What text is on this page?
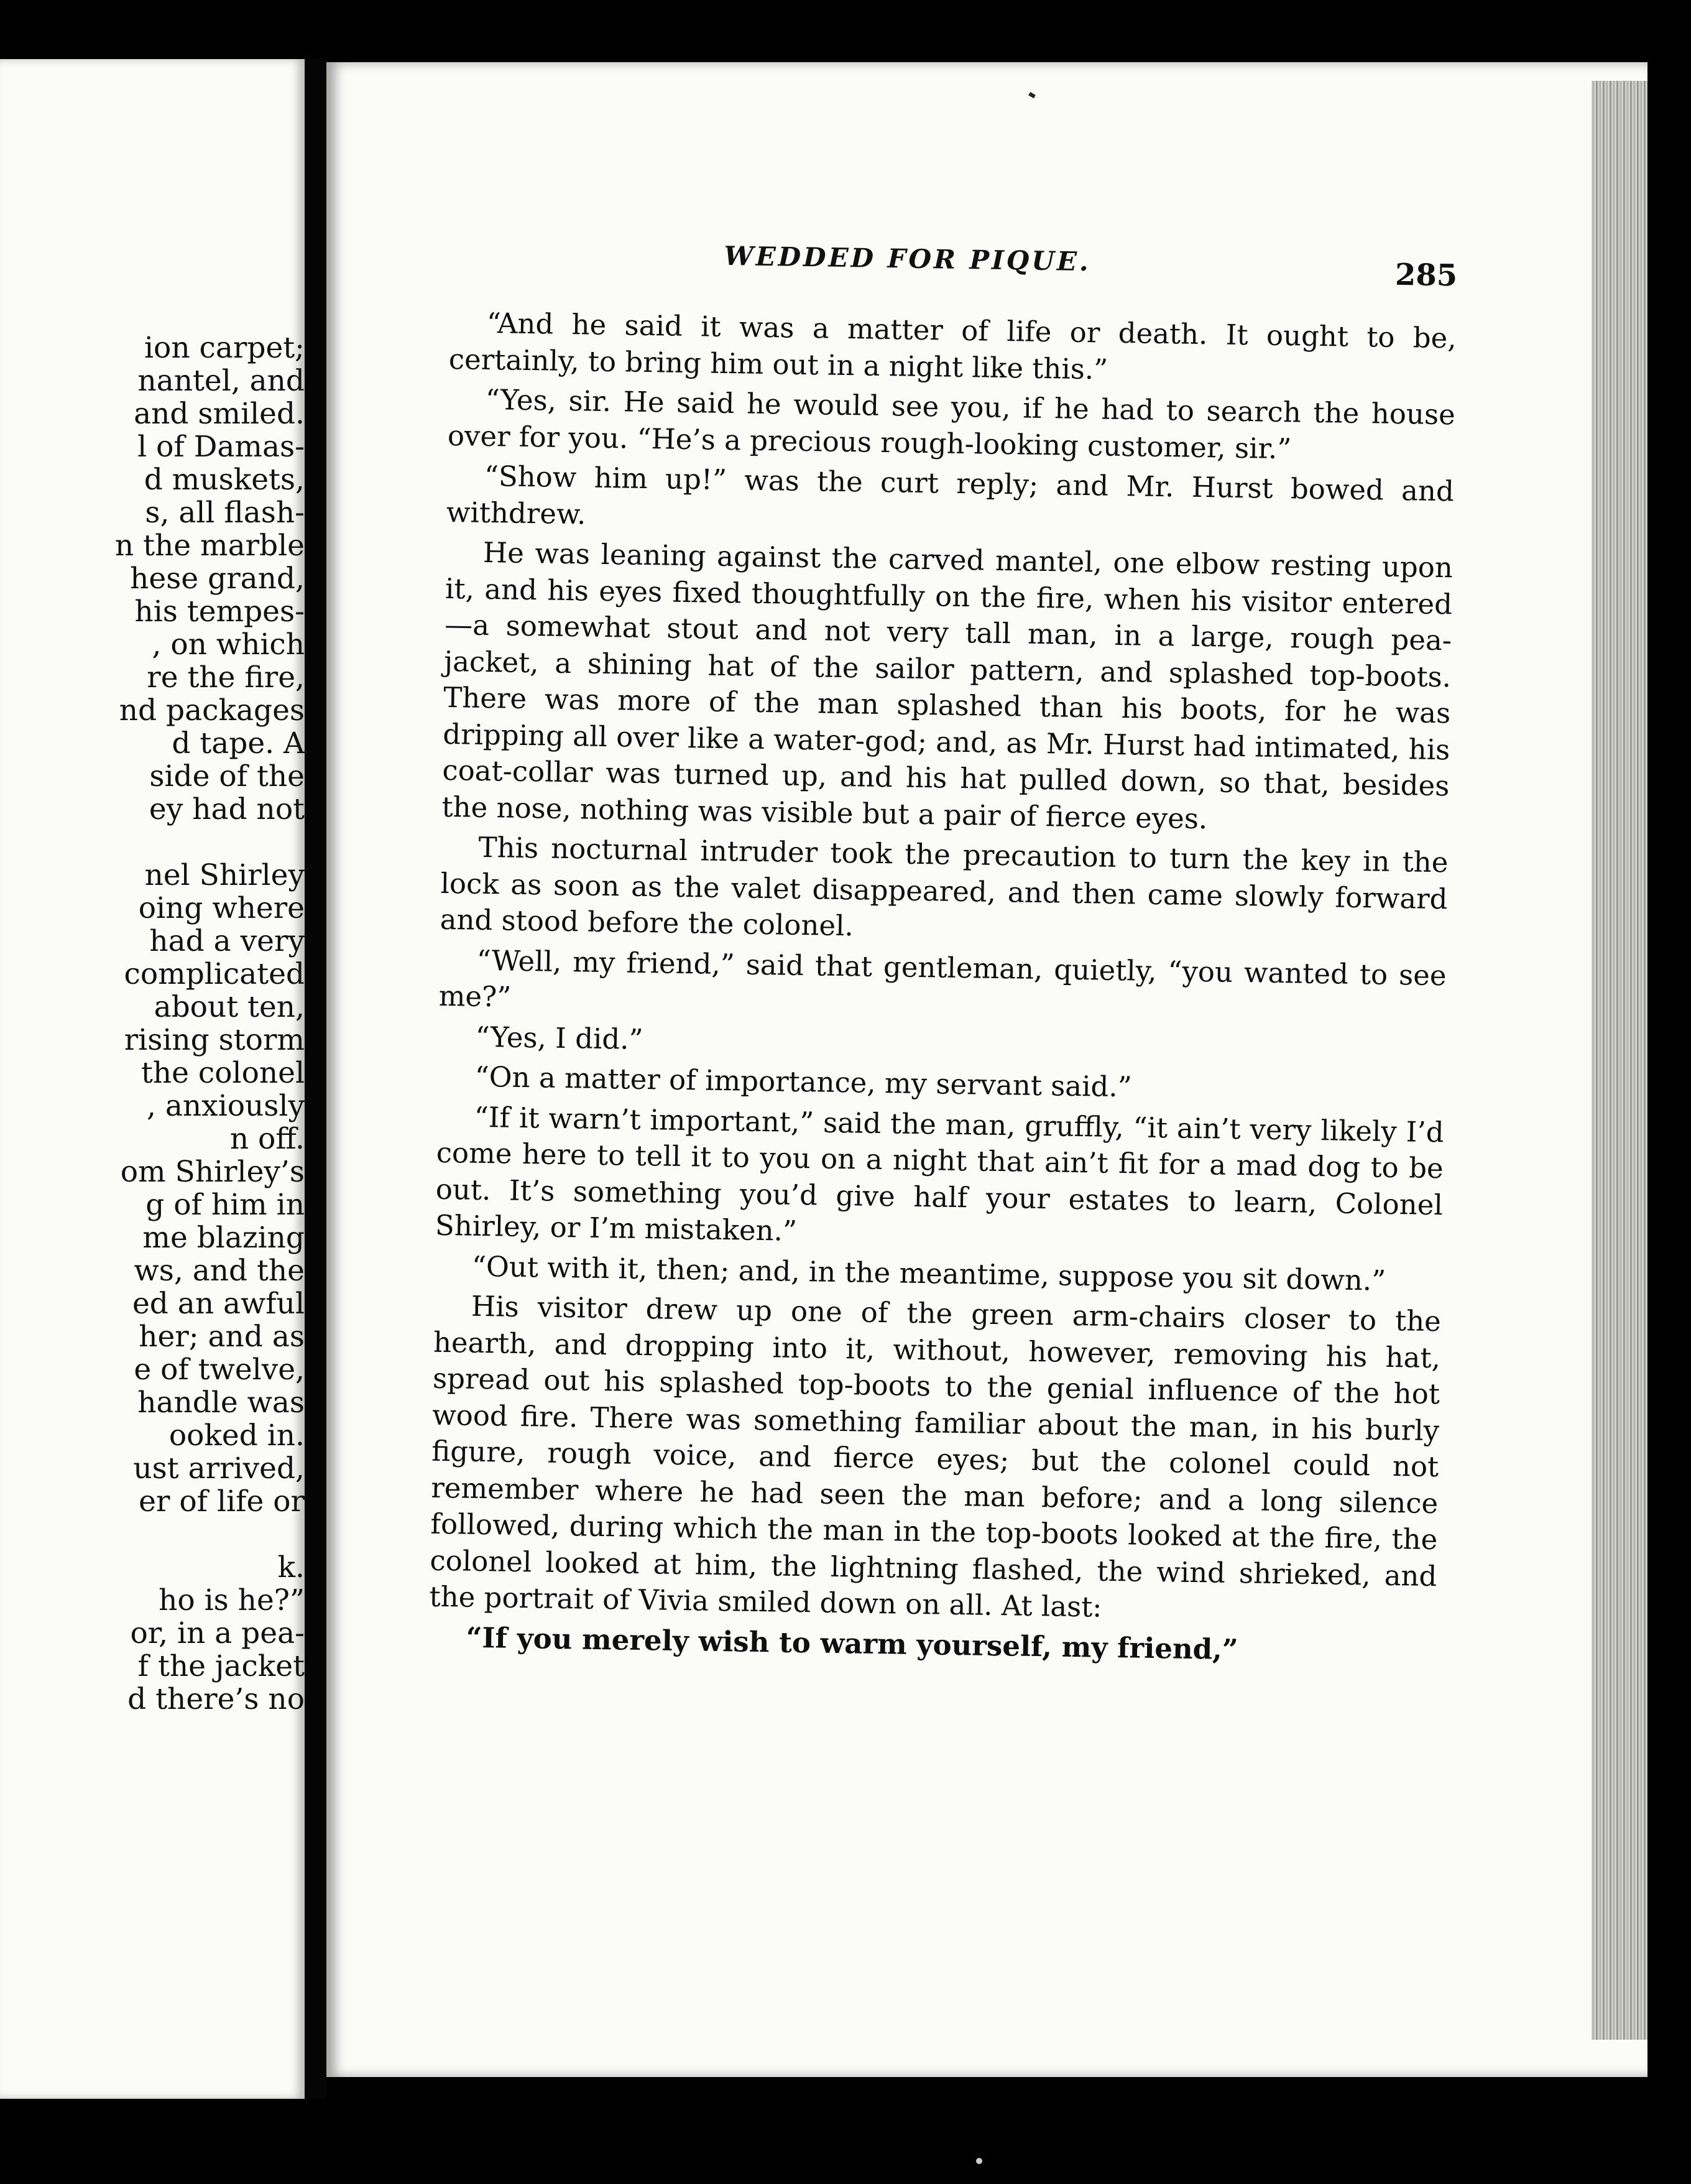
ion carpet;
nantel, and
and smiled.
l of Damas-
d muskets,
s, all flash-
n the marble
hese grand,
his tempes-
, on which
re the fire,
nd packages
d tape. A
side of the
ey had not
nel Shirley
oing where
had a very
complicated
about ten,
rising storm
the colonel
, anxiously
n off.
om Shirley’s
g of him in
me blazing
ws, and the
ed an awful
her; and as
e of twelve,
handle was
ooked in.
ust arrived,
er of life or
k.
ho is he?”
or, in a pea-
f the jacket
d there’s no
WEDDED FOR PIQUE.	285

“And he said it was a matter of life or death. It ought to be, certainly, to bring him out in a night like this.”

“Yes, sir. He said he would see you, if he had to search the house over for you. “He’s a precious rough-looking customer, sir.”

“Show him up!” was the curt reply; and Mr. Hurst bowed and withdrew.

He was leaning against the carved mantel, one elbow resting upon it, and his eyes fixed thoughtfully on the fire, when his visitor entered—a somewhat stout and not very tall man, in a large, rough pea-jacket, a shining hat of the sailor pattern, and splashed top-boots. There was more of the man splashed than his boots, for he was dripping all over like a water-god; and, as Mr. Hurst had intimated, his coat-collar was turned up, and his hat pulled down, so that, besides the nose, nothing was visible but a pair of fierce eyes.

This nocturnal intruder took the precaution to turn the key in the lock as soon as the valet disappeared, and then came slowly forward and stood before the colonel.

“Well, my friend,” said that gentleman, quietly, “you wanted to see me?”

“Yes, I did.”

“On a matter of importance, my servant said.”

“If it warn’t important,” said the man, gruffly, “it ain’t very likely I’d come here to tell it to you on a night that ain’t fit for a mad dog to be out. It’s something you’d give half your estates to learn, Colonel Shirley, or I’m mistaken.”

“Out with it, then; and, in the meantime, suppose you sit down.”

His visitor drew up one of the green arm-chairs closer to the hearth, and dropping into it, without, however, removing his hat, spread out his splashed top-boots to the genial influence of the hot wood fire. There was something familiar about the man, in his burly figure, rough voice, and fierce eyes; but the colonel could not remember where he had seen the man before; and a long silence followed, during which the man in the top-boots looked at the fire, the colonel looked at him, the lightning flashed, the wind shrieked, and the portrait of Vivia smiled down on all. At last:

“If you merely wish to warm yourself, my friend,”
